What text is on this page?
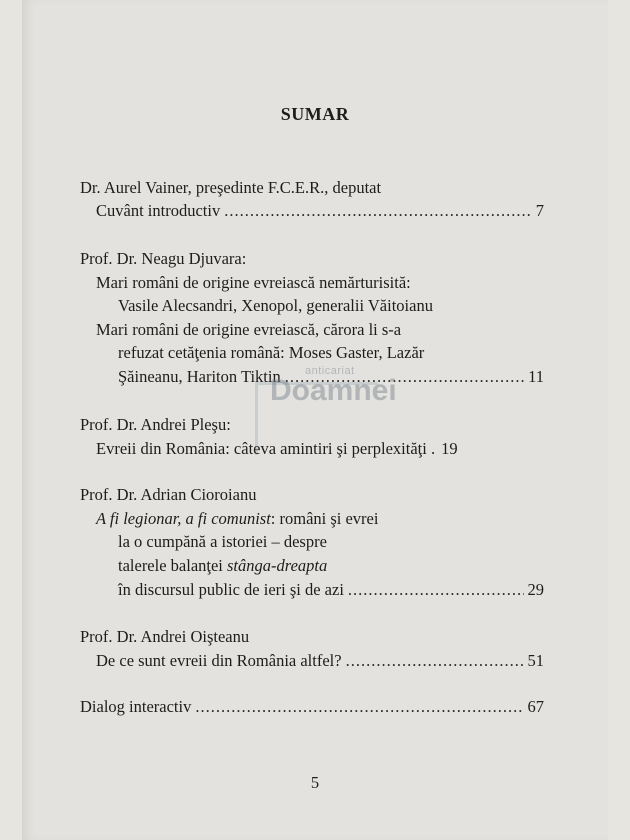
SUMAR
Dr. Aurel Vainer, preşedinte F.C.E.R., deputat
Cuvânt introductiv .....	7
Prof. Dr. Neagu Djuvara:
Mari români de origine evreiască nemărturisită:
Vasile Alecsandri, Xenopol, generalii Văitoianu
Mari români de origine evreiască, cărora li s-a
refuzat cetăţenia română: Moses Gaster, Lazăr
Şăineanu, Hariton Tiktin .....	11
anticariat
Doamnei
Prof. Dr. Andrei Pleşu:
Evreii din România: câteva amintiri şi perplexităţi . 19
Prof. Dr. Adrian Cioroianu
A fi legionar, a fi comunist: români şi evrei
la o cumpănă a istoriei – despre
talerele balanţei stânga-dreapta
în discursul public de ieri şi de azi .....	29
Prof. Dr. Andrei Oişteanu
De ce sunt evreii din România altfel? .....	51
Dialog interactiv .....	67
5
